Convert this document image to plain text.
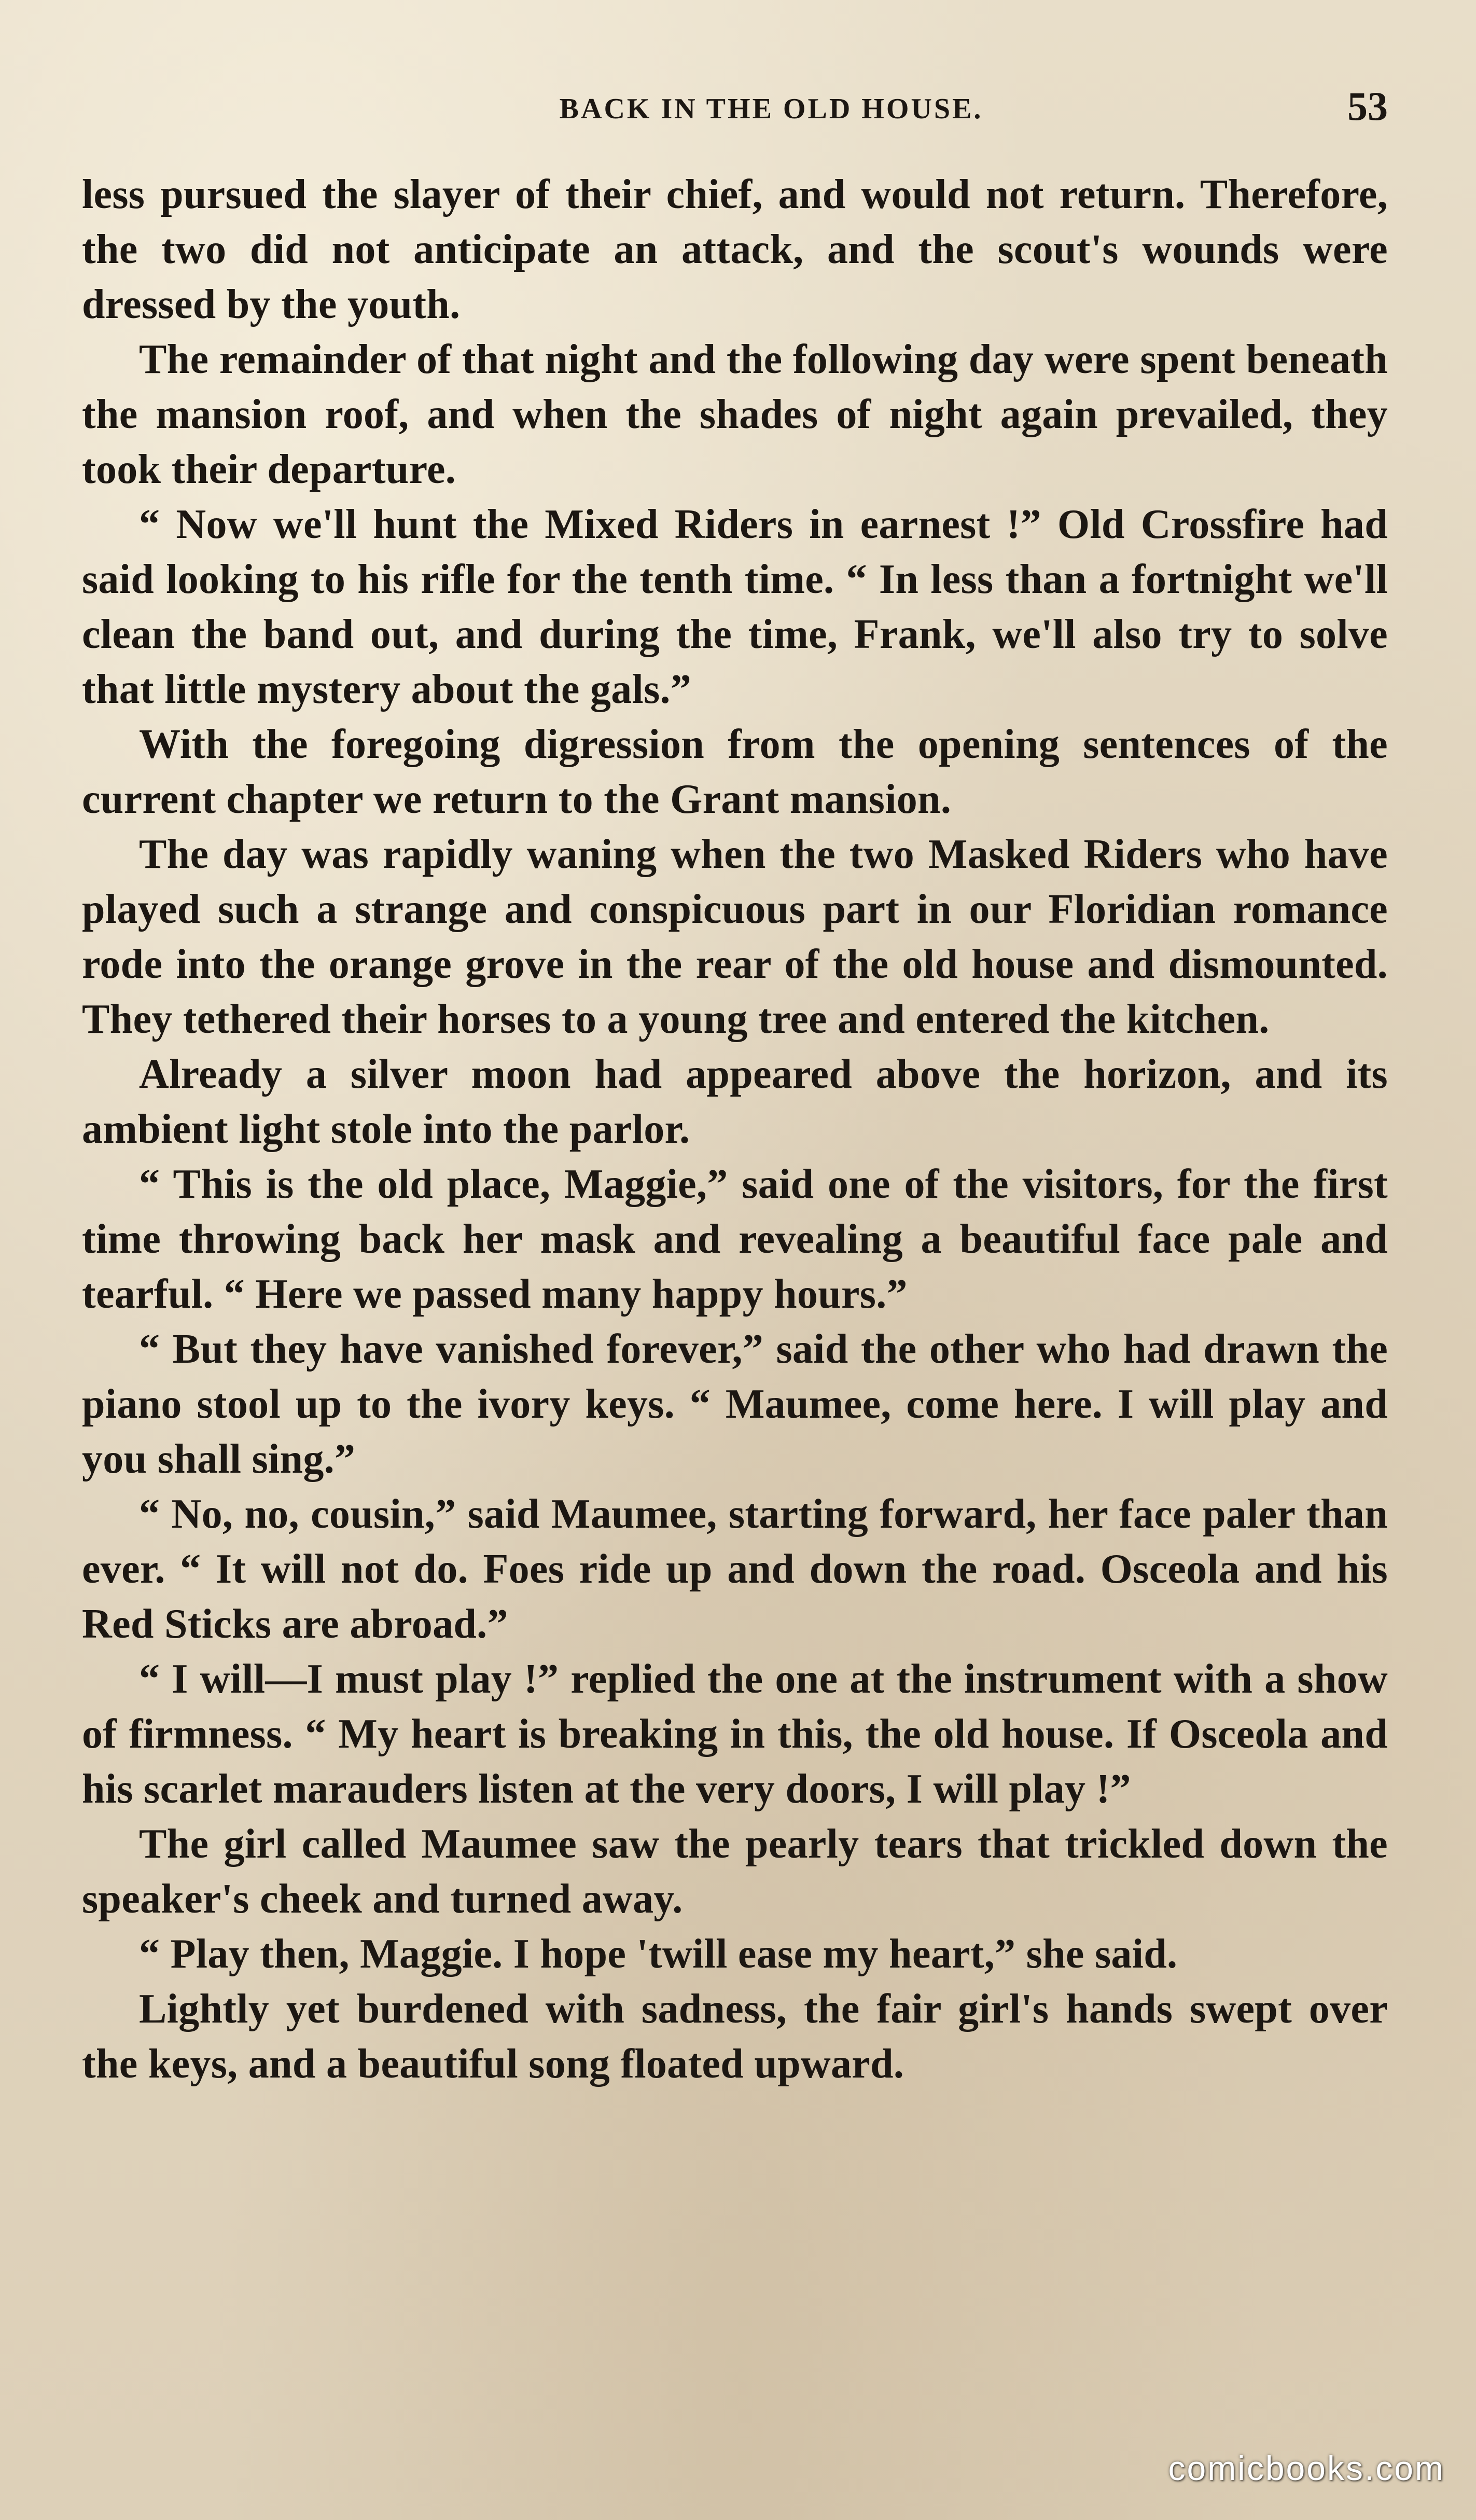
BACK IN THE OLD HOUSE.	53

less pursued the slayer of their chief, and would not return. Therefore, the two did not anticipate an attack, and the scout's wounds were dressed by the youth.

The remainder of that night and the following day were spent beneath the mansion roof, and when the shades of night again prevailed, they took their departure.

“ Now we'll hunt the Mixed Riders in earnest !” Old Crossfire had said looking to his rifle for the tenth time. “ In less than a fortnight we'll clean the band out, and during the time, Frank, we'll also try to solve that little mystery about the gals.”

With the foregoing digression from the opening sentences of the current chapter we return to the Grant mansion.

The day was rapidly waning when the two Masked Riders who have played such a strange and conspicuous part in our Floridian romance rode into the orange grove in the rear of the old house and dismounted. They tethered their horses to a young tree and entered the kitchen.

Already a silver moon had appeared above the horizon, and its ambient light stole into the parlor.

“ This is the old place, Maggie,” said one of the visitors, for the first time throwing back her mask and revealing a beautiful face pale and tearful. “ Here we passed many happy hours.”

“ But they have vanished forever,” said the other who had drawn the piano stool up to the ivory keys. “ Maumee, come here. I will play and you shall sing.”

“ No, no, cousin,” said Maumee, starting forward, her face paler than ever. “ It will not do. Foes ride up and down the road. Osceola and his Red Sticks are abroad.”

“ I will—I must play !” replied the one at the instrument with a show of firmness. “ My heart is breaking in this, the old house. If Osceola and his scarlet marauders listen at the very doors, I will play !”

The girl called Maumee saw the pearly tears that trickled down the speaker's cheek and turned away.

“ Play then, Maggie. I hope 'twill ease my heart,” she said.

Lightly yet burdened with sadness, the fair girl's hands swept over the keys, and a beautiful song floated upward.

comicbooks.com
